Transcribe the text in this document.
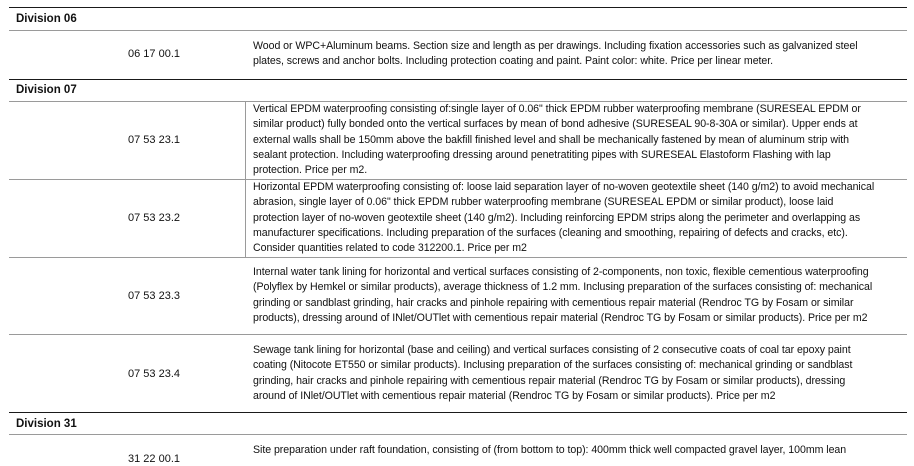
Division 06
06 17 00.1
Wood or WPC+Aluminum beams. Section size and length as per drawings. Including fixation accessories such as galvanized steel
plates, screws and anchor bolts. Including protection coating and paint. Paint color: white. Price per linear meter.
Division 07
07 53 23.1
Vertical EPDM waterproofing consisting of:single layer of 0.06" thick EPDM rubber waterproofing membrane (SURESEAL EPDM or
similar product) fully bonded onto the vertical surfaces by mean of bond adhesive (SURESEAL 90-8-30A or similar). Upper ends at
external walls shall be 150mm above the bakfill finished level and shall be mechanically fastened by mean of aluminum strip with
sealant protection. Including waterproofing dressing around penetratiting pipes with SURESEAL Elastoform Flashing with lap
protection. Price per m2.
07 53 23.2
Horizontal EPDM waterproofing consisting of: loose laid separation layer of no-woven geotextile sheet (140 g/m2) to avoid mechanical
abrasion, single layer of 0.06" thick EPDM rubber waterproofing membrane (SURESEAL EPDM or similar product), loose laid
protection layer of no-woven geotextile sheet (140 g/m2). Including reinforcing EPDM strips along the perimeter and overlapping as
manufacturer specifications. Including preparation of the surfaces (cleaning and smoothing, repairing of defects and cracks, etc).
Consider quantities related to code 312200.1. Price per m2
07 53 23.3
Internal water tank lining for horizontal and vertical surfaces consisting of 2-components, non toxic, flexible cementious waterproofing
(Polyflex by Hemkel or similar products), average thickness of 1.2 mm. Inclusing preparation of the surfaces consisting of: mechanical
grinding or sandblast grinding, hair cracks and pinhole repairing with cementious repair material (Rendroc TG by Fosam or similar
products), dressing around of INlet/OUTlet with cementious repair material (Rendroc TG by Fosam or similar products). Price per m2
07 53 23.4
Sewage tank lining for horizontal (base and ceiling) and vertical surfaces consisting of 2 consecutive coats of coal tar epoxy paint
coating (Nitocote ET550 or similar products). Inclusing preparation of the surfaces consisting of: mechanical grinding or sandblast
grinding, hair cracks and pinhole repairing with cementious repair material (Rendroc TG by Fosam or similar products), dressing
around of INlet/OUTlet with cementious repair material (Rendroc TG by Fosam or similar products). Price per m2
Division 31
31 22 00.1
Site preparation under raft foundation, consisting of (from bottom to top): 400mm thick well compacted gravel layer, 100mm lean
